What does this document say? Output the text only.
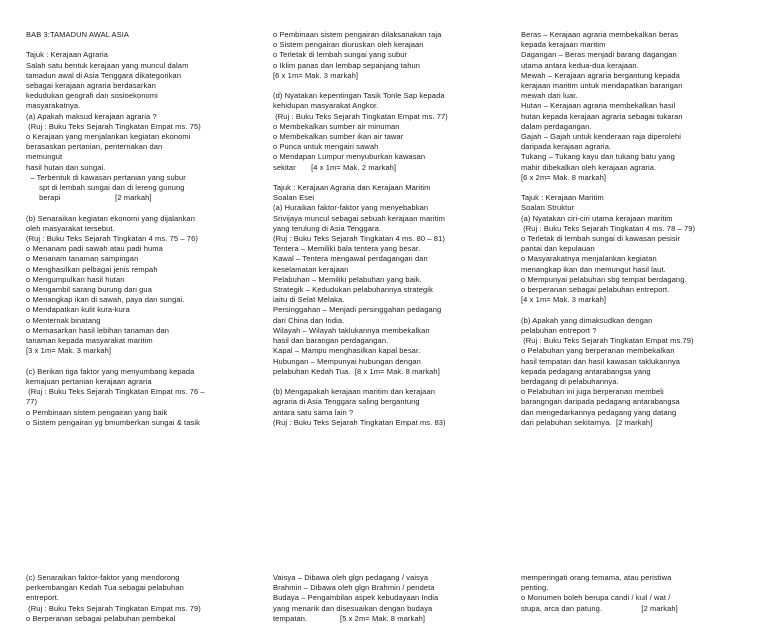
BAB 3:TAMADUN AWAL ASIA

Tajuk : Kerajaan Agraria
Salah satu bentuk kerajaan yang muncul dalam
tamadun awal di Asia Tenggara dikategorikan
sebagai kerajaan agraria berdasarkan
kedudukan geografi dan sosioekonomi
masyarakatnya.
(a) Apakah maksud kerajaan agraria ?
(Ruj : Buku Teks Sejarah Tingkatan Empat ms. 75)
o Kerajaan yang menjalankan kegiatan ekonomi
berasaskan pertanian, penternakan dan
memungut
hasil hutan dan sungai.
– Terbentuk di kawasan pertanian yang subur
spt di lembah sungai dan di lereng gunung
berapi                         [2 markah]

(b) Senaraikan kegiatan ekonomi yang dijalankan
oleh masyarakat tersebut.
(Ruj : Buku Teks Sejarah Tingkatan 4 ms. 75 – 76)
o Menanam padi sawah atau padi huma
o Menanam tanaman sampingan
o Menghasilkan pelbagai jenis rempah
o Mengumpulkan hasil hutan
o Mengambil sarang burung dari gua
o Menangkap ikan di sawah, paya dan sungai.
o Mendapatkan kulit kura-kura
o Menternak binatang
o Memasarkan hasil lebihan tanaman dan
tanaman kepada masyarakat maritim
[3 x 1m= Mak. 3 markah]

(c) Berikan tiga faktor yang menyumbang kepada
kemajuan pertanian kerajaan agraria
(Ruj : Buku Teks Sejarah Tingkatan Empat ms. 76 –
77)
o Pembinaan sistem pengairan yang baik
o Sistem pengairan yg bmumberkan sungai & tasik
o Pembinaan sistem pengairan dilaksanakan raja
o Sistem pengairan diuruskan oleh kerajaan
o Terletak di lembah sungai yang subur
o Iklim panas dan lembap sepanjang tahun
[6 x 1m= Mak. 3 markah]

(d) Nyatakan kepentingan Tasik Tonle Sap kepada
kehidupan masyarakat Angkor.
(Ruj : Buku Teks Sejarah Tingkatan Empat ms. 77)
o Membekalkan sumber air minuman
o Membekalkan sumber ikan air tawar
o Punca untuk mengairi sawah
o Mendapan Lumpur menyuburkan kawasan
sekitar       [4 x 1m= Mak. 2 markah]

Tajuk : Kerajaan Agraria dan Kerajaan Maritim
Soalan Esei
(a) Huraikan faktor-faktor yang menyebabkan
Srivijaya muncul sebagai sebuah kerajaan maritim
yang terulung di Asia Tenggara.
(Ruj : Buku Teks Sejarah Tingkatan 4 ms. 80 – 81)
Tentera – Memiliki bala tentera yang besar.
Kawal – Tentera mengawal perdagangan dan
keselamatan kerajaan
Pelabuhan – Memiliki pelabuhan yang baik.
Strategik – Kedudukan pelabuhannya strategik
iaitu di Selat Melaka.
Persinggahan – Menjadi persinggahan pedagang
dari China dan India.
Wilayah – Wilayah taklukannya membekalkan
hasil dan barangan perdagangan.
Kapal – Mampu menghasilkan kapal besar.
Hubungan – Mempunyai hubungan dengan
pelabuhan Kedah Tua.  [8 x 1m= Mak. 8 markah]

(b) Mengapakah kerajaan maritim dan kerajaan
agraria di Asia Tenggara saling bergantung
antara satu sama lain ?
(Ruj : Buku Teks Sejarah Tingkatan Empat ms. 83)
Beras – Kerajaan agraria membekalkan beras
kepada kerajaan maritim
Dagangan – Beras menjadi barang dagangan
utama antara kedua-dua kerajaan.
Mewah – Kerajaan agraria bergantung kepada
kerajaan maritim untuk mendapatkan barangan
mewah dari luar.
Hutan – Kerajaan agraria membekalkan hasil
hutan kepada kerajaan agraria sebagai tukaran
dalam perdagangan.
Gajah – Gajah untuk kenderaan raja diperolehi
daripada kerajaan agraria.
Tukang – Tukang kayu dan tukang batu yang
mahir dibekalkan oleh kerajaan agraria.
[6 x 2m= Mak. 8 markah]

Tajuk : Kerajaan Maritim
Soalan Struktur
(a) Nyatakan ciri-ciri utama kerajaan maritim
(Ruj : Buku Teks Sejarah Tingkatan 4 ms. 78 – 79)
o Terletak di lembah sungai di kawasan pesisir
pantai dan kepulauan
o Masyarakatnya menjalankan kegiatan
menangkap ikan dan memungut hasil laut.
o Mempunyai pelabuhan sbg tempat berdagang.
o berperanan sebagai pelabuhan entreport.
[4 x 1m= Mak. 3 markah]

(b) Apakah yang dimaksudkan dengan
pelabuhan entreport ?
(Ruj : Buku Teks Sejarah Tingkatan Empat ms.79)
o Pelabuhan yang berperanan membekalkan
hasil tempatan dan hasil kawasan taklukannya
kepada pedagang antarabangsa yang
berdagang di pelabuhannya.
o Pelabuhan ini juga berperanan membeli
barangngan daripada pedagang antarabangsa
dan mengedarkannya pedagang yang datang
dari pelabuhan sekitarnya.  [2 markah]
(c) Senaraikan faktor-faktor yang mendorong
perkembangan Kedah Tua sebagai pelabuhan
entreport.
(Ruj : Buku Teks Sejarah Tingkatan Empat ms. 79)
o Berperanan sebagai pelabuhan pembekal
Vaisya – Dibawa oleh glgn pedagang / vaisya
Brahmin – Dibawa oleh glgn Brahmin / pendeta
Budaya – Pengambilan aspek kebudayaan India
yang menarik dan disesuaikan dengan budaya
tempatan.               [5 x 2m= Mak. 8 markah]
memperingati orang temama, atau peristiwa
penting.
o Monumen boleh berupa candi / kuil / wat /
stupa, arca dan patung.                  [2 markah]
